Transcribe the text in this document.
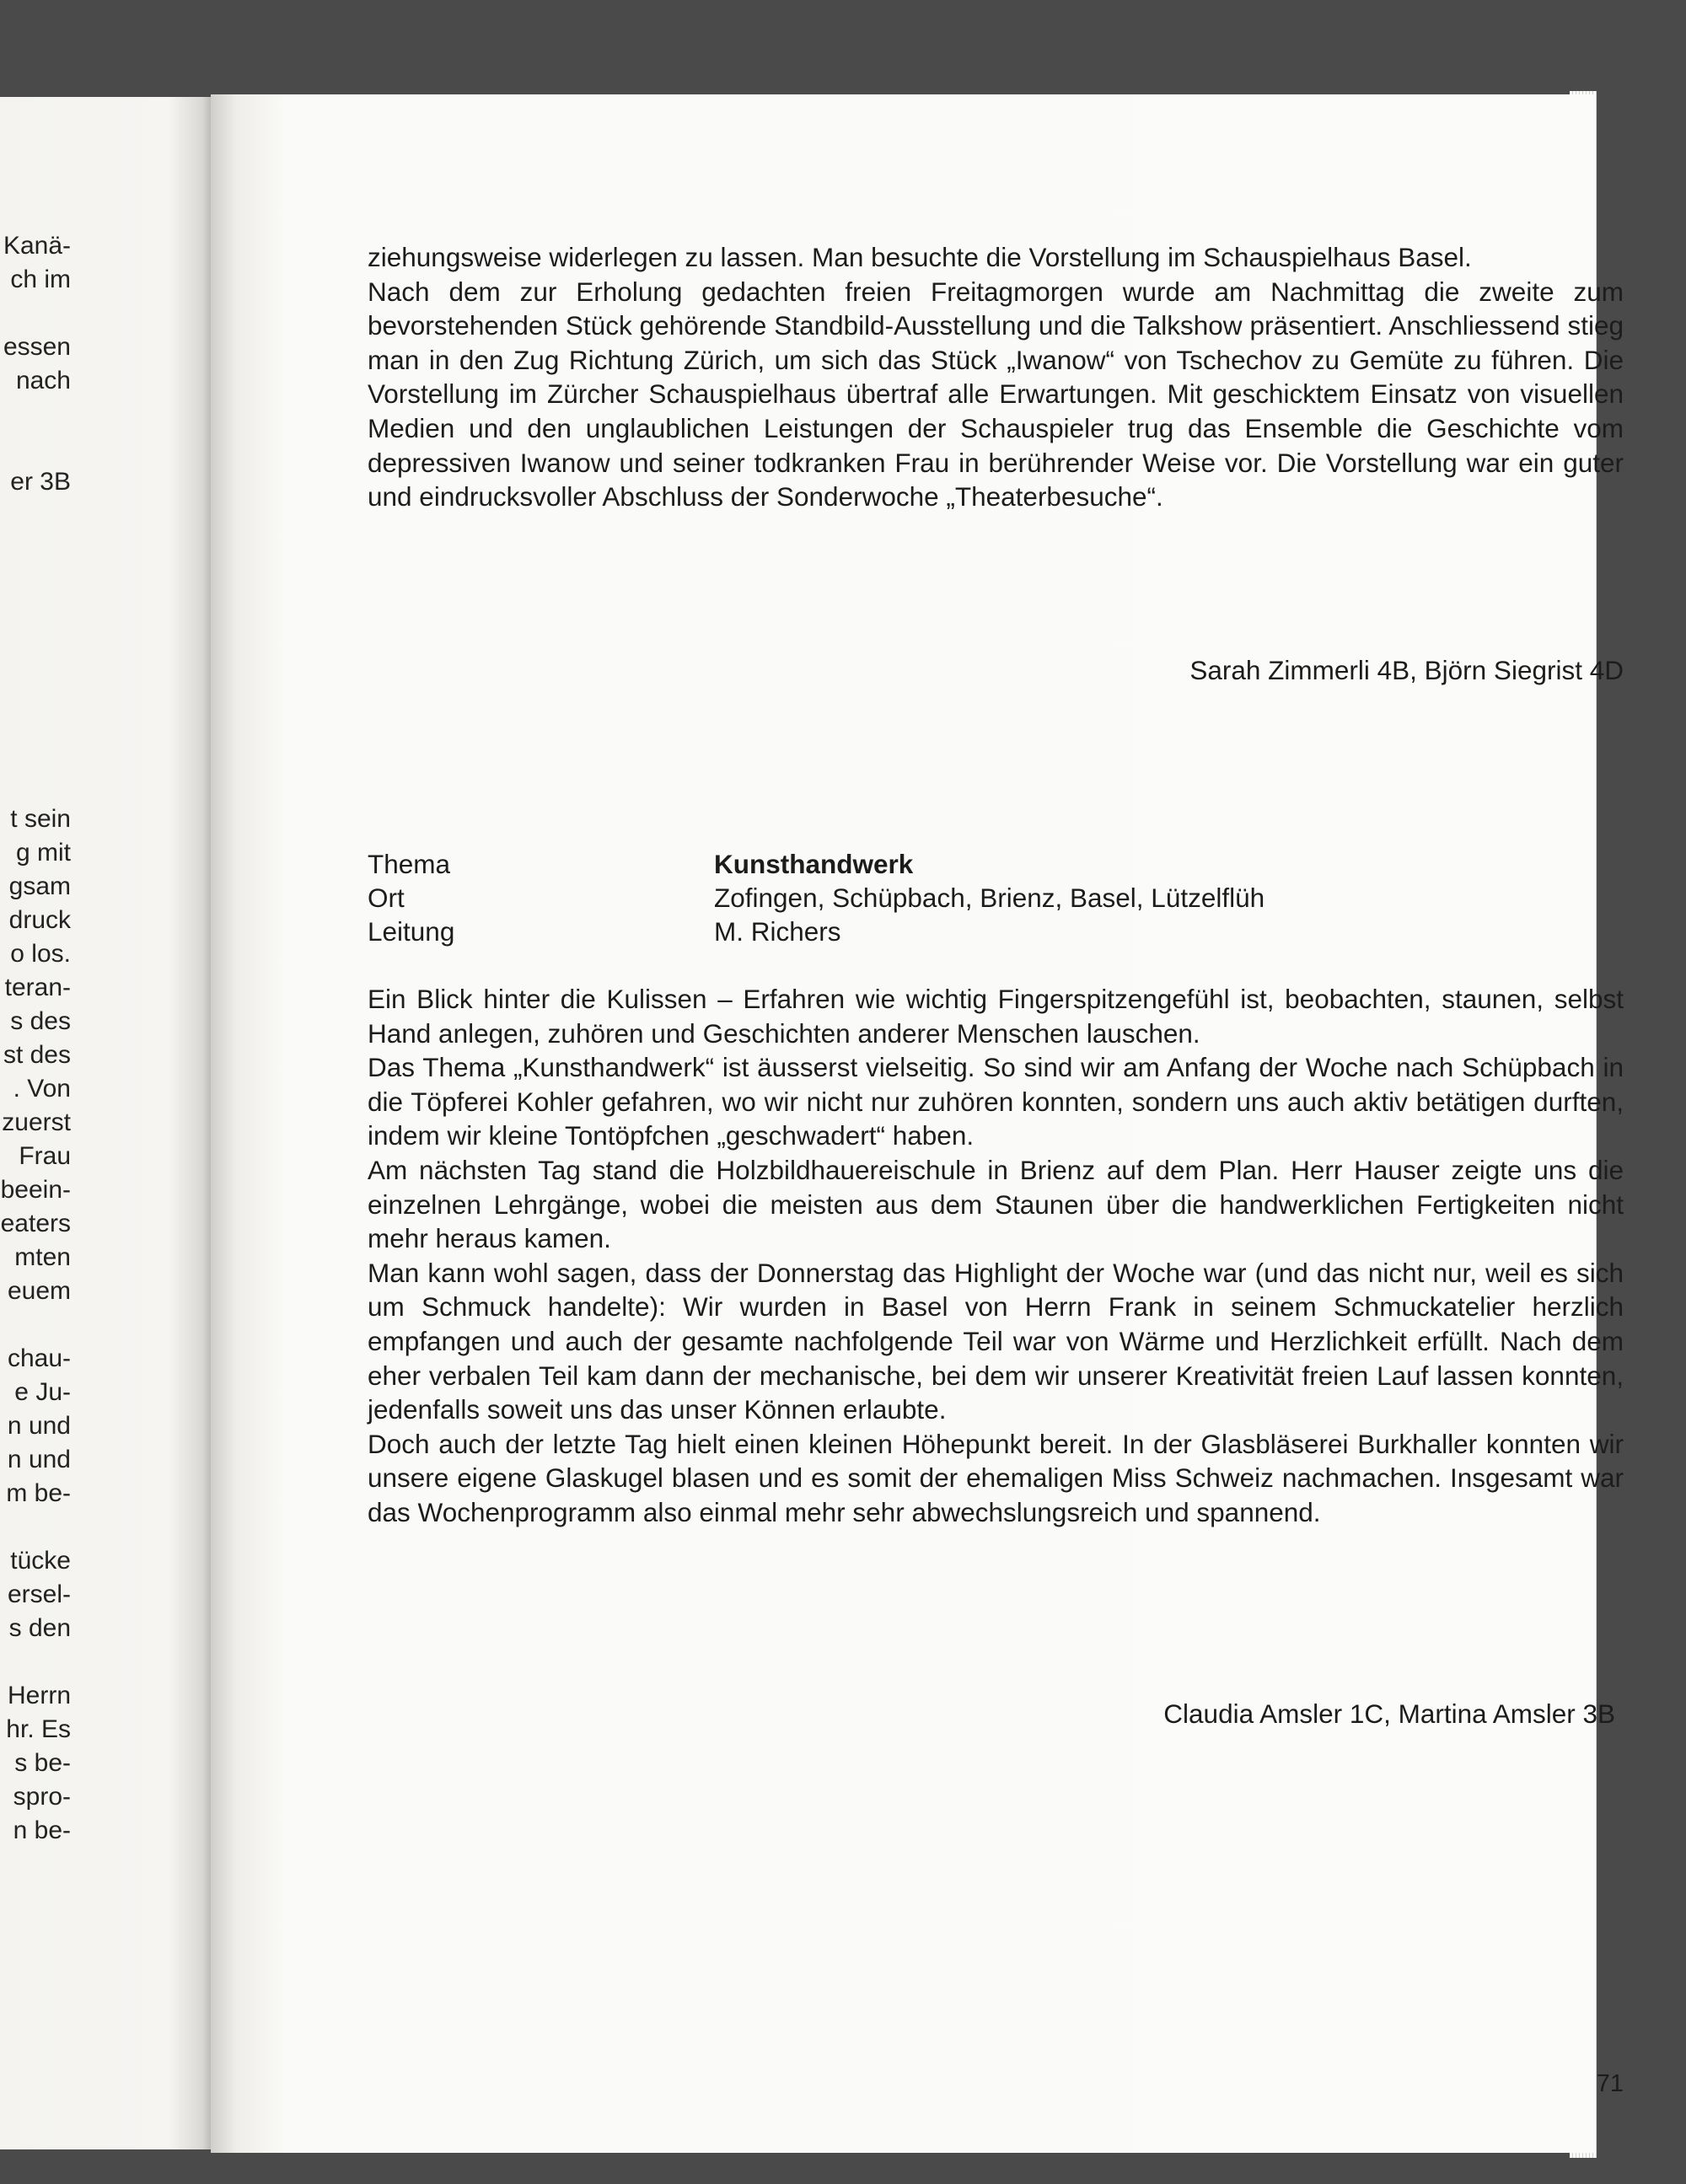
Kanä-

ch im

essen

nach

er 3B

t sein

g mit

gsam

druck

o los.

teran-

s des

st des

. Von

zuerst

Frau

beein-

eaters

mten

euem

chau-

e Ju-

n und

n und

m be-

tücke

ersel-

s den

Herrn

hr. Es

s be-

spro-

n be-

ziehungsweise widerlegen zu lassen. Man besuchte die Vorstellung im Schauspielhaus Basel.

Nach dem zur Erholung gedachten freien Freitagmorgen wurde am Nachmittag die zweite zum bevorstehenden Stück gehörende Standbild-Ausstellung und die Talkshow präsentiert. Anschliessend stieg man in den Zug Richtung Zürich, um sich das Stück „Iwanow“ von Tschechov zu Gemüte zu führen. Die Vorstellung im Zürcher Schauspielhaus übertraf alle Erwartungen. Mit geschicktem Einsatz von visuellen Medien und den unglaublichen Leistungen der Schauspieler trug das Ensemble die Geschichte vom depressiven Iwanow und seiner todkranken Frau in berührender Weise vor. Die Vorstellung war ein guter und eindrucksvoller Abschluss der Sonderwoche „Theaterbesuche“.

Sarah Zimmerli 4B, Björn Siegrist 4D

Thema	Kunsthandwerk

Ort	Zofingen, Schüpbach, Brienz, Basel, Lützelflüh

Leitung	M. Richers

Ein Blick hinter die Kulissen – Erfahren wie wichtig Fingerspitzengefühl ist, beobachten, staunen, selbst Hand anlegen, zuhören und Geschichten anderer Menschen lauschen.

Das Thema „Kunsthandwerk“ ist äusserst vielseitig. So sind wir am Anfang der Woche nach Schüpbach in die Töpferei Kohler gefahren, wo wir nicht nur zuhören konnten, sondern uns auch aktiv betätigen durften, indem wir kleine Tontöpfchen „geschwadert“ haben.

Am nächsten Tag stand die Holzbildhauereischule in Brienz auf dem Plan. Herr Hauser zeigte uns die einzelnen Lehrgänge, wobei die meisten aus dem Staunen über die handwerklichen Fertigkeiten nicht mehr heraus kamen.

Man kann wohl sagen, dass der Donnerstag das Highlight der Woche war (und das nicht nur, weil es sich um Schmuck handelte): Wir wurden in Basel von Herrn Frank in seinem Schmuckatelier herzlich empfangen und auch der gesamte nachfolgende Teil war von Wärme und Herzlichkeit erfüllt. Nach dem eher verbalen Teil kam dann der mechanische, bei dem wir unserer Kreativität freien Lauf lassen konnten, jedenfalls soweit uns das unser Können erlaubte.

Doch auch der letzte Tag hielt einen kleinen Höhepunkt bereit. In der Glasbläserei Burkhaller konnten wir unsere eigene Glaskugel blasen und es somit der ehemaligen Miss Schweiz nachmachen. Insgesamt war das Wochenprogramm also einmal mehr sehr abwechslungsreich und spannend.

Claudia Amsler 1C, Martina Amsler 3B

71
